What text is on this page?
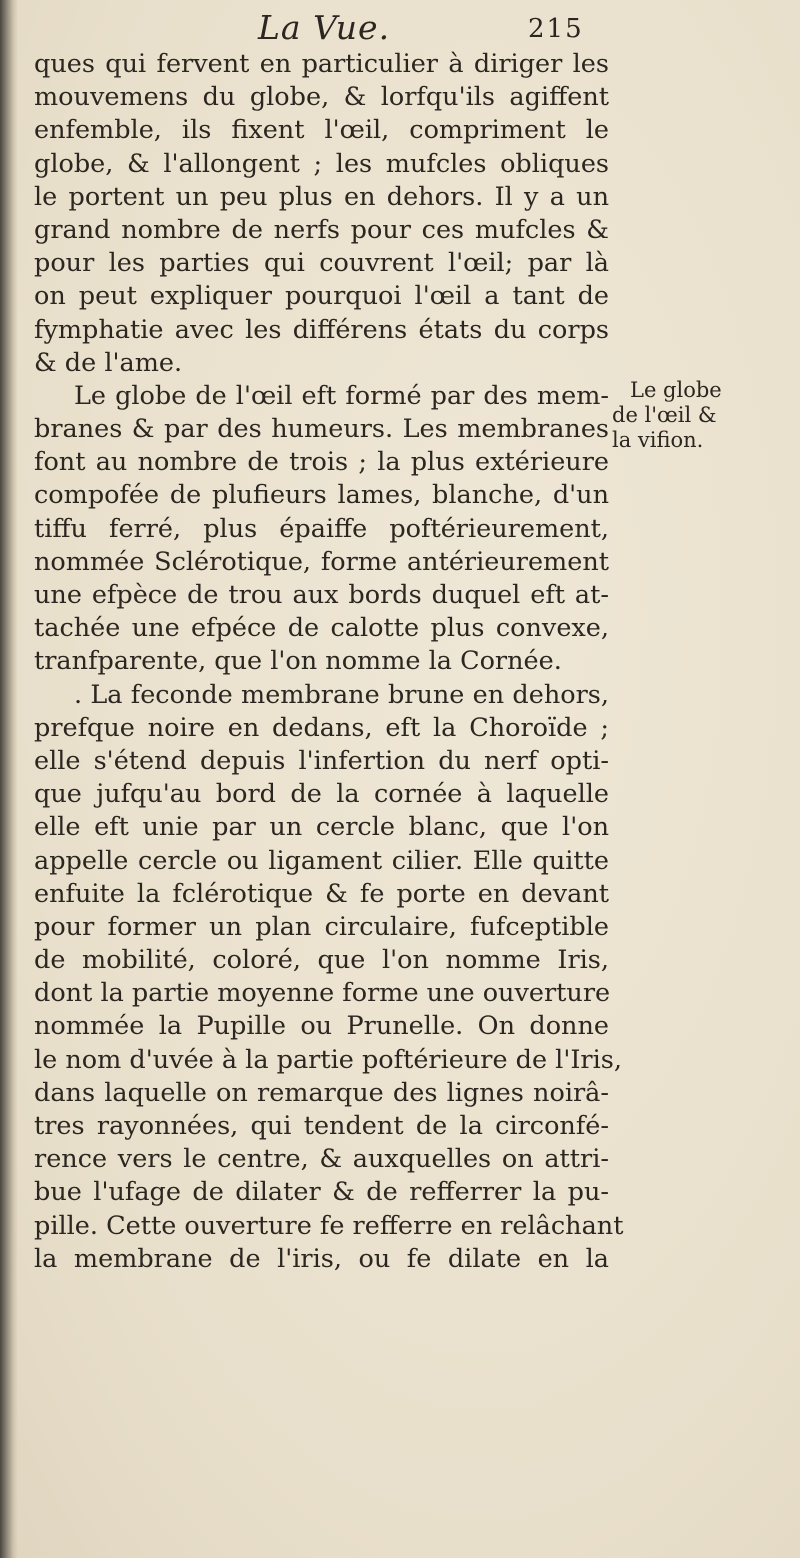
La Vue.	215
ques qui fervent en particulier à diriger les
mouvemens du globe, & lorfqu'ils agiffent
enfemble, ils fixent l'œil, compriment le
globe, & l'allongent ; les mufcles obliques
le portent un peu plus en dehors. Il y a un
grand nombre de nerfs pour ces mufcles &
pour les parties qui couvrent l'œil; par là
on peut expliquer pourquoi l'œil a tant de
fymphatie avec les différens états du corps
& de l'ame.
Le globe de l'œil eft formé par des mem-
branes & par des humeurs. Les membranes
font au nombre de trois ; la plus extérieure
compofée de plufieurs lames, blanche, d'un
tiffu ferré, plus épaiffe poftérieurement,
nommée Sclérotique, forme antérieurement
une efpèce de trou aux bords duquel eft at-
tachée une efpéce de calotte plus convexe,
tranfparente, que l'on nomme la Cornée.
. La feconde membrane brune en dehors,
prefque noire en dedans, eft la Choroïde ;
elle s'étend depuis l'infertion du nerf opti-
que jufqu'au bord de la cornée à laquelle
elle eft unie par un cercle blanc, que l'on
appelle cercle ou ligament cilier. Elle quitte
enfuite la fclérotique & fe porte en devant
pour former un plan circulaire, fufceptible
de mobilité, coloré, que l'on nomme Iris,
dont la partie moyenne forme une ouverture
nommée la Pupille ou Prunelle. On donne
le nom d'uvée à la partie poftérieure de l'Iris,
dans laquelle on remarque des lignes noirâ-
tres rayonnées, qui tendent de la circonfé-
rence vers le centre, & auxquelles on attri-
bue l'ufage de dilater & de refferrer la pu-
pille. Cette ouverture fe refferre en relâchant
la membrane de l'iris, ou fe dilate en la
Le globe
de l'œil &
la vifion.
